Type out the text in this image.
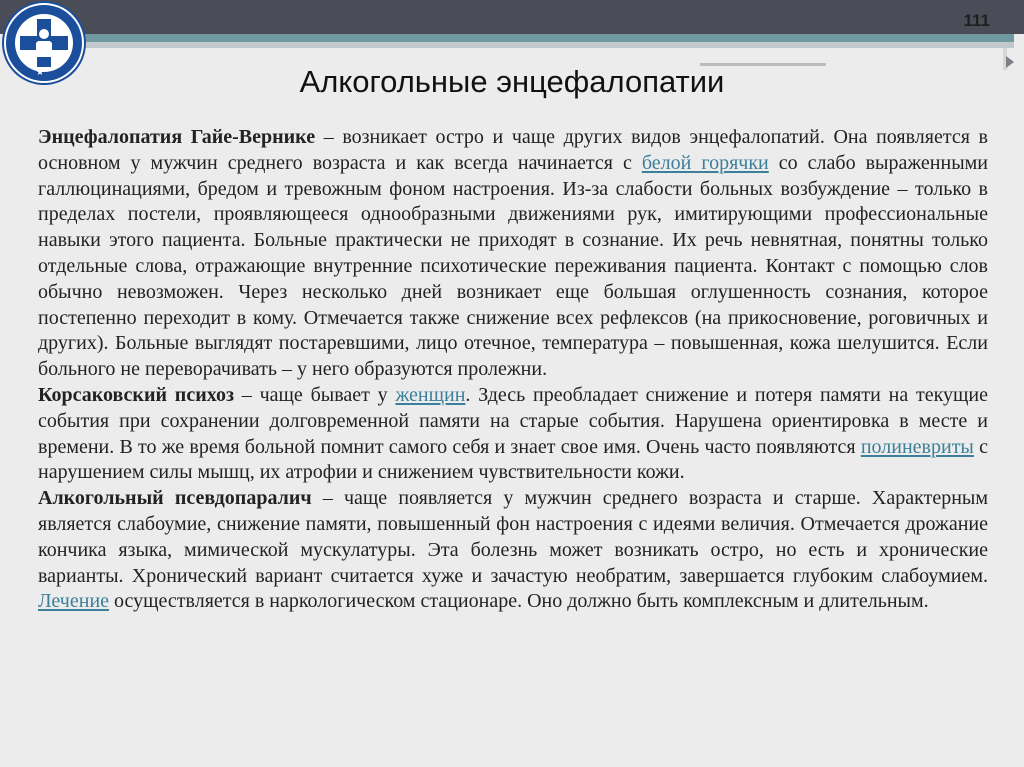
★
111
Алкогольные энцефалопатии

Энцефалопатия Гайе-Вернике – возникает остро и чаще других видов энцефалопатий. Она появляется в основном у мужчин среднего возраста и как всегда начинается с белой горячки со слабо выраженными галлюцинациями, бредом и тревожным фоном настроения. Из-за слабости больных возбуждение – только в пределах постели, проявляющееся однообразными движениями рук, имитирующими профессиональные навыки этого пациента. Больные практически не приходят в сознание. Их речь невнятная, понятны только отдельные слова, отражающие внутренние психотические переживания пациента. Контакт с помощью слов обычно невозможен. Через несколько дней возникает еще большая оглушенность сознания, которое постепенно переходит в кому. Отмечается также снижение всех рефлексов (на прикосновение, роговичных и других). Больные выглядят постаревшими, лицо отечное, температура – повышенная, кожа шелушится. Если больного не переворачивать – у него образуются пролежни.

Корсаковский психоз – чаще бывает у женщин. Здесь преобладает снижение и потеря памяти на текущие события при сохранении долговременной памяти на старые события. Нарушена ориентировка в месте и времени. В то же время больной помнит самого себя и знает свое имя. Очень часто появляются полиневриты с нарушением силы мышц, их атрофии и снижением чувствительности кожи.

Алкогольный псевдопаралич – чаще появляется у мужчин среднего возраста и старше. Характерным является слабоумие, снижение памяти, повышенный фон настроения с идеями величия. Отмечается дрожание кончика языка, мимической мускулатуры. Эта болезнь может возникать остро, но есть и хронические варианты. Хронический вариант считается хуже и зачастую необратим, завершается глубоким слабоумием. Лечение осуществляется в наркологическом стационаре. Оно должно быть комплексным и длительным.
